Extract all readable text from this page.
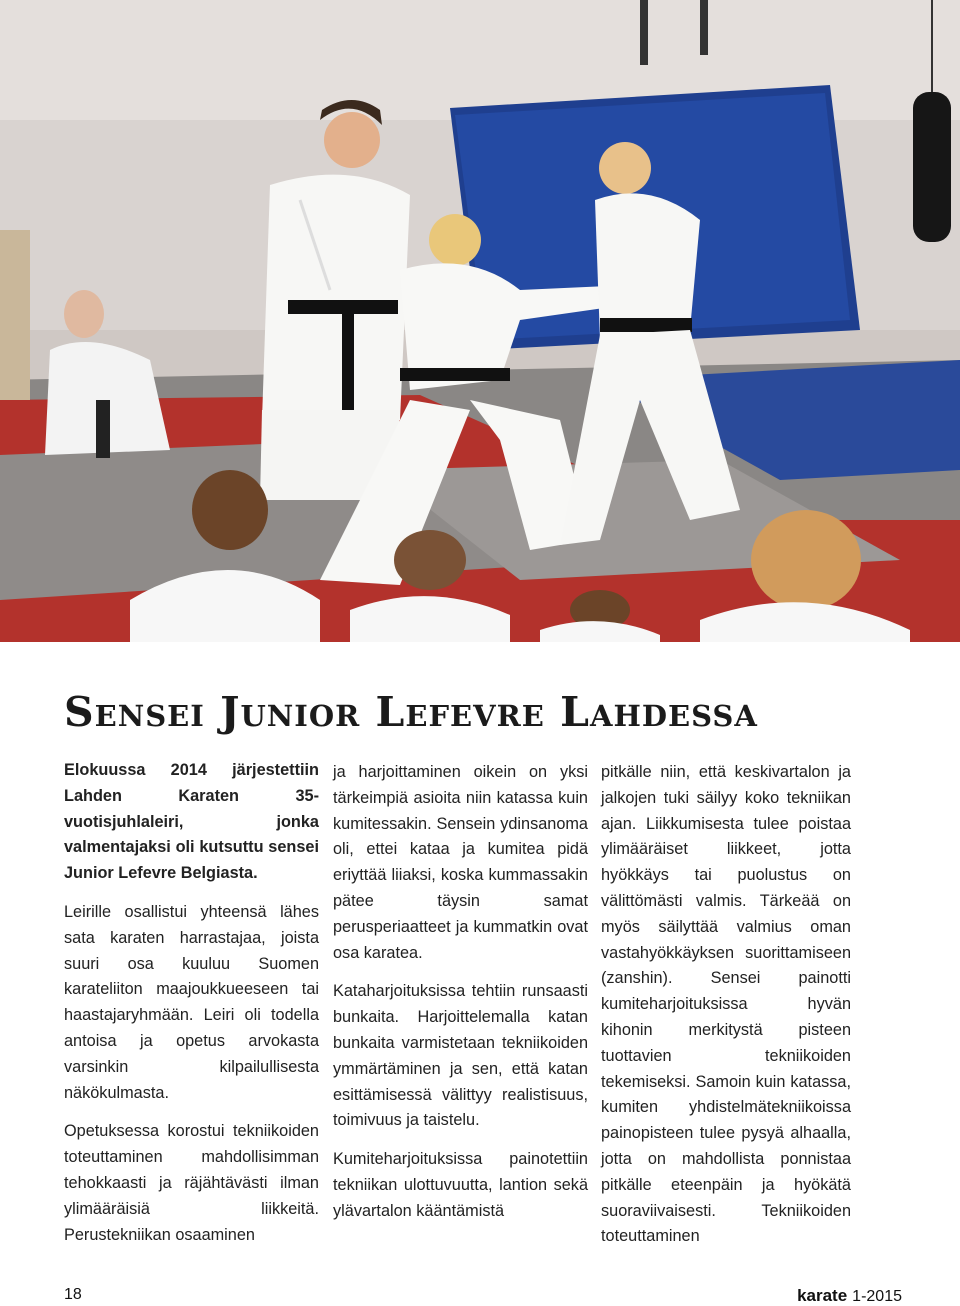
Sensei Junior Lefevre Lahdessa

Elokuussa 2014 järjestettiin Lahden Karaten 35-vuotisjuhlaleiri, jonka valmentajaksi oli kutsuttu sensei Junior Lefevre Belgiasta.

Leirille osallistui yhteensä lähes sata karaten harrastajaa, joista suuri osa kuuluu Suomen karateliiton maajoukkueeseen tai haastajaryhmään. Leiri oli todella antoisa ja opetus arvokasta varsinkin kilpailullisesta näkökulmasta.

Opetuksessa korostui tekniikoiden toteuttaminen mahdollisimman tehokkaasti ja räjähtävästi ilman ylimääräisiä liikkeitä. Perustekniikan osaaminen

ja harjoittaminen oikein on yksi tärkeimpiä asioita niin katassa kuin kumitessakin. Sensein ydinsanoma oli, ettei kataa ja kumitea pidä eriyttää liiaksi, koska kummassakin pätee täysin samat perusperiaatteet ja kummatkin ovat osa karatea.

Kataharjoituksissa tehtiin runsaasti bunkaita. Harjoittelemalla katan bunkaita varmistetaan tekniikoiden ymmärtäminen ja sen, että katan esittämisessä välittyy realistisuus, toimivuus ja taistelu.

Kumiteharjoituksissa painotettiin tekniikan ulottuvuutta, lantion sekä ylävartalon kääntämistä

pitkälle niin, että keskivartalon ja jalkojen tuki säilyy koko tekniikan ajan. Liikkumisesta tulee poistaa ylimääräiset liikkeet, jotta hyökkäys tai puolustus on välittömästi valmis. Tärkeää on myös säilyttää valmius oman vastahyökkäyksen suorittamiseen (zanshin). Sensei painotti kumiteharjoituksissa hyvän kihonin merkitystä pisteen tuottavien tekniikoiden tekemiseksi. Samoin kuin katassa, kumiten yhdistelmätekniikoissa painopisteen tulee pysyä alhaalla, jotta on mahdollista ponnistaa pitkälle eteenpäin ja hyökätä suoraviivaisesti. Tekniikoiden toteuttaminen

18	karate 1-2015
